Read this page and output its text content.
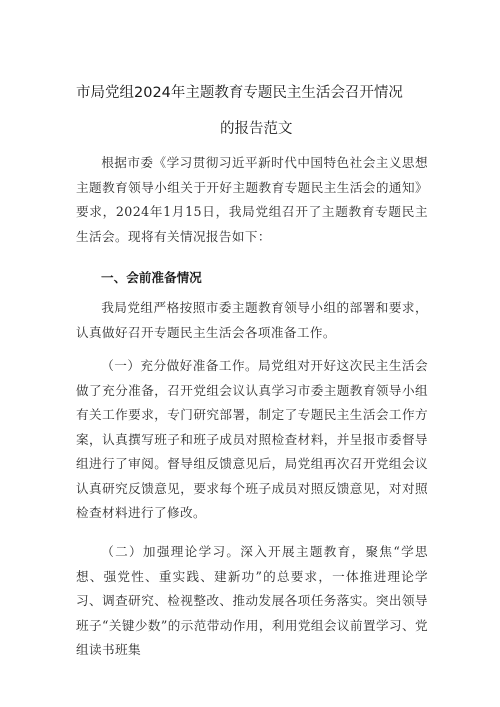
市局党组2024年主题教育专题民主生活会召开情况
的报告范文

根据市委《学习贯彻习近平新时代中国特色社会主义思想主题教育领导小组关于开好主题教育专题民主生活会的通知》要求，2024年1月15日，我局党组召开了主题教育专题民主生活会。现将有关情况报告如下：

一、会前准备情况

我局党组严格按照市委主题教育领导小组的部署和要求，认真做好召开专题民主生活会各项准备工作。

（一）充分做好准备工作。局党组对开好这次民主生活会做了充分准备，召开党组会议认真学习市委主题教育领导小组有关工作要求，专门研究部署，制定了专题民主生活会工作方案，认真撰写班子和班子成员对照检查材料，并呈报市委督导组进行了审阅。督导组反馈意见后，局党组再次召开党组会议认真研究反馈意见，要求每个班子成员对照反馈意见，对对照检查材料进行了修改。

（二）加强理论学习。深入开展主题教育，聚焦“学思想、强党性、重实践、建新功”的总要求，一体推进理论学习、调查研究、检视整改、推动发展各项任务落实。突出领导班子“关键少数”的示范带动作用，利用党组会议前置学习、党组读书班集
